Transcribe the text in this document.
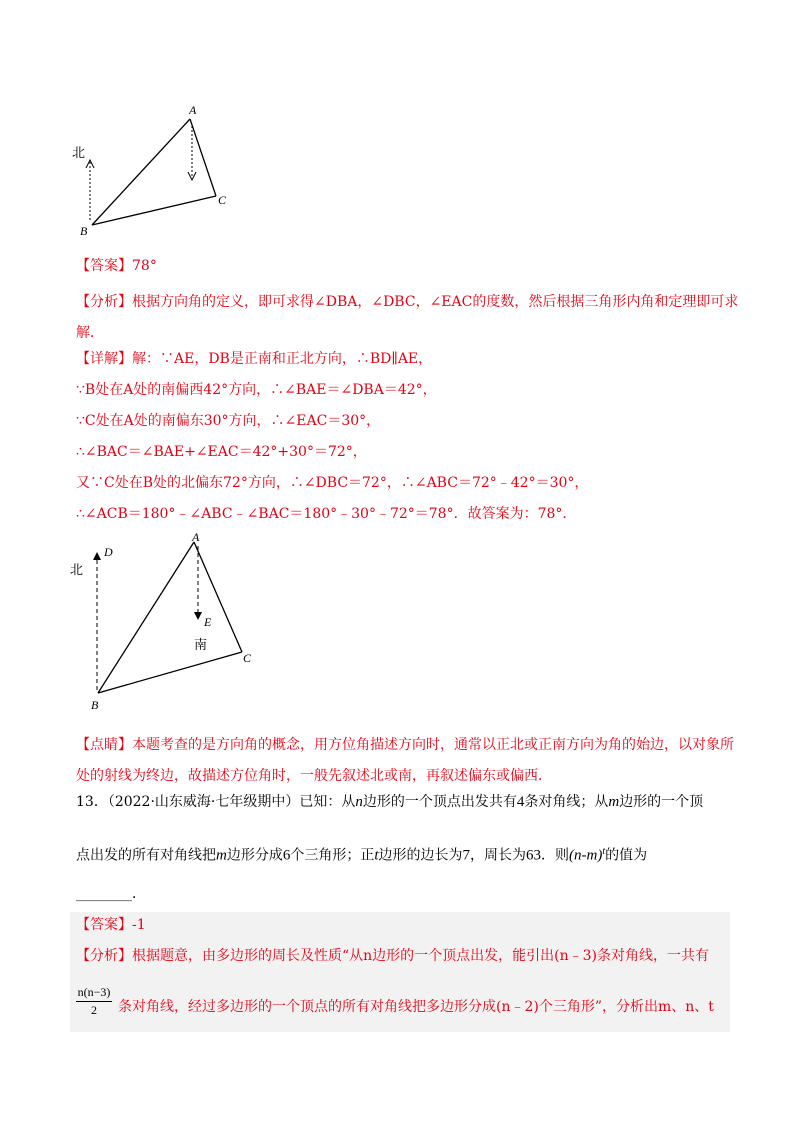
北
A
B
C
【答案】78°
【分析】根据方向角的定义，即可求得∠DBA，∠DBC，∠EAC的度数，然后根据三角形内角和定理即可求解．
【详解】解：∵AE，DB是正南和正北方向，∴BD∥AE，
∵B处在A处的南偏西42°方向，∴∠BAE＝∠DBA＝42°，
∵C处在A处的南偏东30°方向，∴∠EAC＝30°，
∴∠BAC＝∠BAE+∠EAC＝42°+30°＝72°，
又∵C处在B处的北偏东72°方向，∴∠DBC＝72°，∴∠ABC＝72°﹣42°＝30°，
∴∠ACB＝180°﹣∠ABC﹣∠BAC＝180°﹣30°﹣72°＝78°．故答案为：78°．
北
南
A
B
C
D
E
【点睛】本题考查的是方向角的概念，用方位角描述方向时，通常以正北或正南方向为角的始边，以对象所处的射线为终边，故描述方位角时，一般先叙述北或南，再叙述偏东或偏西．
13．（2022·山东威海·七年级期中）已知：从n边形的一个顶点出发共有4条对角线；从m边形的一个顶
点出发的所有对角线把m边形分成6个三角形；正t边形的边长为7，周长为63．则$(n-m)^t$的值为
________．
【答案】-1
【分析】根据题意，由多边形的周长及性质“从n边形的一个顶点出发，能引出(n﹣3)条对角线，一共有
$\frac{n(n-3)}{2}$ 条对角线，经过多边形的一个顶点的所有对角线把多边形分成(n﹣2)个三角形”，分析出m、n、t
